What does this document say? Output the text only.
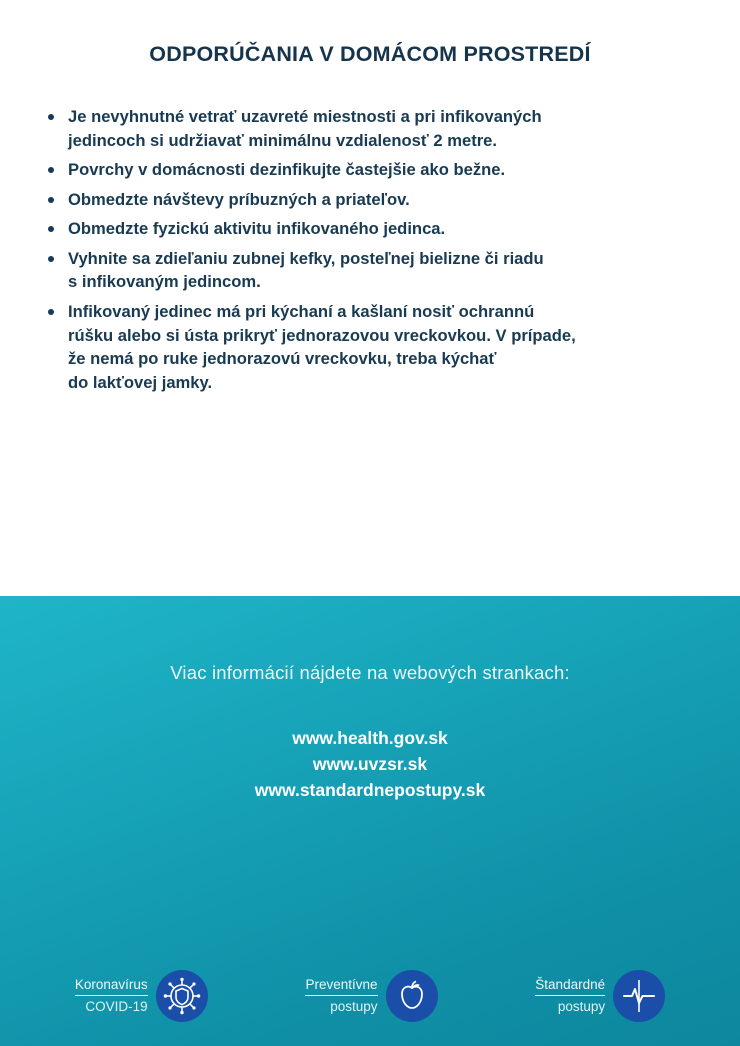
ODPORÚČANIA V DOMÁCOM PROSTREDÍ
Je nevyhnutné vetrať uzavreté miestnosti a pri infikovaných
jedincoch si udržiavať minimálnu vzdialenosť 2 metre.
Povrchy v domácnosti dezinfikujte častejšie ako bežne.
Obmedzte návštevy príbuzných a priateľov.
Obmedzte fyzickú aktivitu infikovaného jedinca.
Vyhnite sa zdieľaniu zubnej kefky, posteľnej bielizne či riadu
s infikovaným jedincom.
Infikovaný jedinec má pri kýchaní a kašlaní nosiť ochrannú
rúšku alebo si ústa prikryť jednorazovou vreckovkou. V prípade,
že nemá po ruke jednorazovú vreckovku, treba kýchať
do lakťovej jamky.
Viac informácií nájdete na webových strankach:
www.health.gov.sk
www.uvzsr.sk
www.standardnepostupy.sk
Koronavírus
COVID-19
Preventívne
postupy
Štandardné
postupy
